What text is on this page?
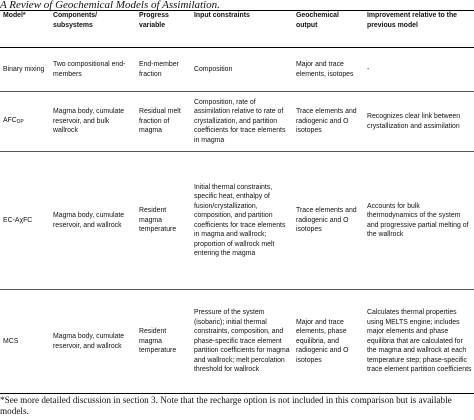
A Review of Geochemical Models of Assimilation.
Model*	Components/ subsystems	Progress variable	Input constraints	Geochemical output	Improvement relative to the previous model
Binary mixing	Two compositional end-members	End-member fraction	Composition	Major and trace elements, isotopes	-
$AFC_{DP}$	Magma body, cumulate reservoir, and bulk wallrock	Residual melt fraction of magma	Composition, rate of assimilation relative to rate of crystallization, and partition coefficients for trace elements in magma	Trace elements and radiogenic and O isotopes	Recognizes clear link between crystallization and assimilation
EC-AχFC	Magma body, cumulate reservoir, and wallrock	Resident magma temperature	Initial thermal constraints, specific heat, enthalpy of fusion/crystallization, composition, and partition coefficients for trace elements in magma and wallrock; proportion of wallrock melt entering the magma	Trace elements and radiogenic and O isotopes	Accounts for bulk thermodynamics of the system and progressive partial melting of the wallrock
MCS	Magma body, cumulate reservoir, and wallrock	Resident magma temperature	Pressure of the system (isobaric); initial thermal constraints, composition, and phase-specific trace element partition coefficients for magma and wallrock; melt percolation threshold for wallrock	Major and trace elements, phase equilibria, and radiogenic and O isotopes	Calculates thermal properties using MELTS engine; includes major elements and phase equilibria that are calculated for the magma and wallrock at each temperature step; phase-specific trace element partition coefficients
*See more detailed discussion in section 3. Note that the recharge option is not included in this comparison but is available models.
